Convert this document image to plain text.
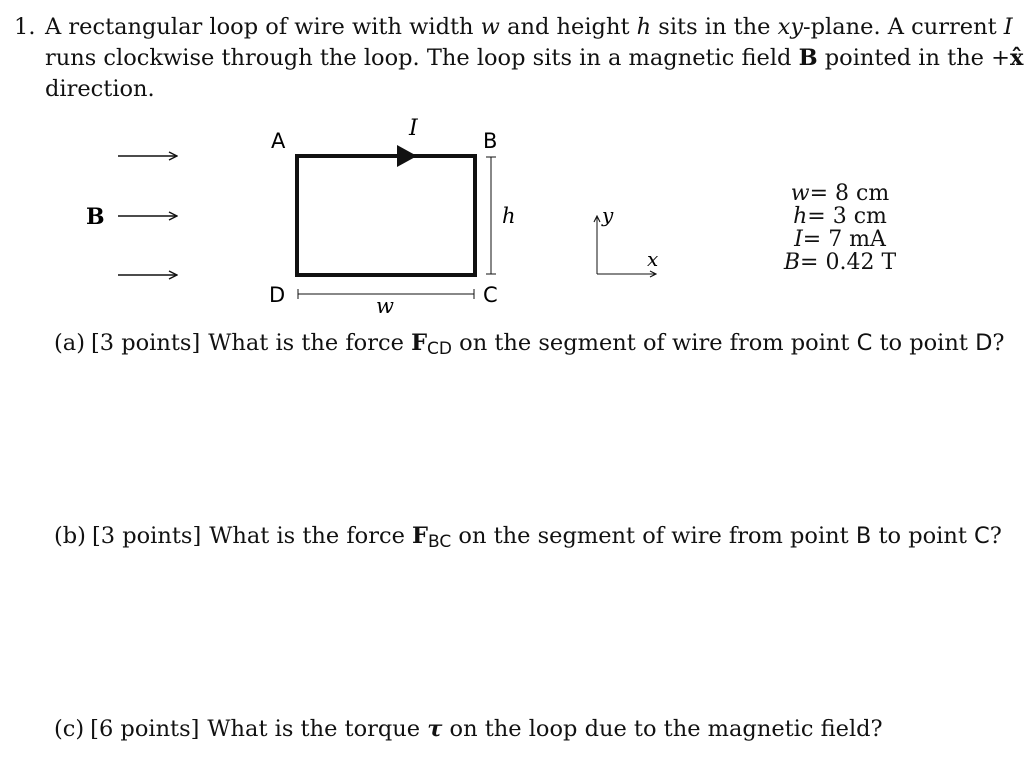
1. A rectangular loop of wire with width w and height h sits in the xy-plane. A current I
runs clockwise through the loop. The loop sits in a magnetic field B pointed in the +x̂
direction.
B
I
A	B
C
D
h
w
y
x
w = 8 cm
h = 3 cm
I = 7 mA
B = 0.42 T
(a) [3 points] What is the force $F_{CD}$ on the segment of wire from point C to point D?
(b) [3 points] What is the force $F_{BC}$ on the segment of wire from point B to point C?
(c) [6 points] What is the torque τ on the loop due to the magnetic field?
